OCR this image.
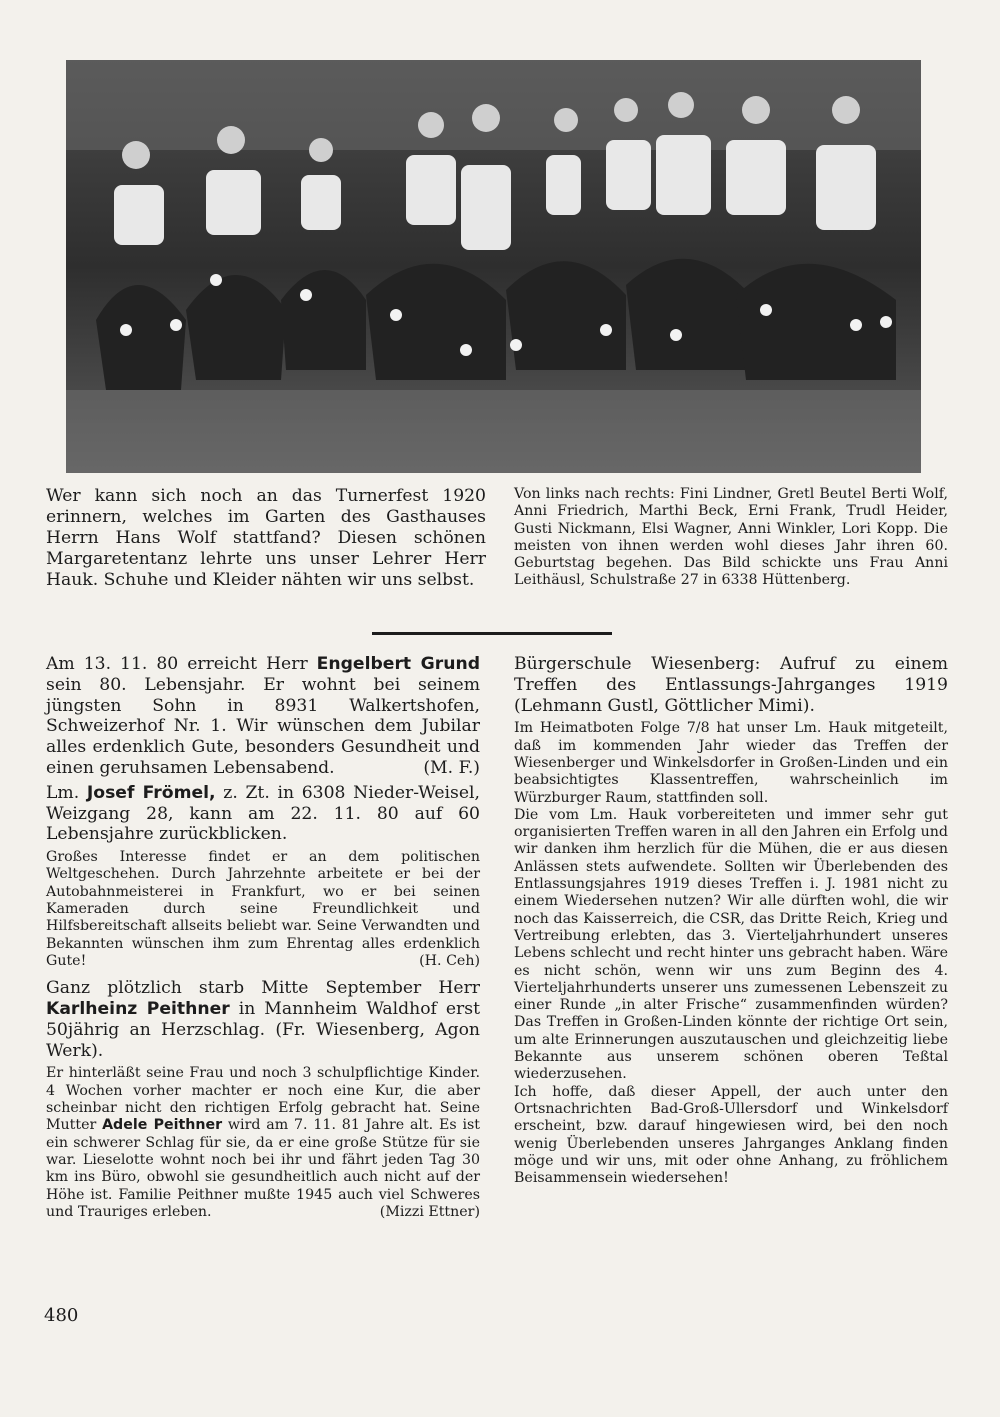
Wer kann sich noch an das Turnerfest 1920 erinnern, welches im Garten des Gasthauses Herrn Hans Wolf stattfand? Diesen schönen Margaretentanz lehrte uns unser Lehrer Herr Hauk. Schuhe und Kleider nähten wir uns selbst.

Von links nach rechts: Fini Lindner, Gretl Beutel Berti Wolf, Anni Friedrich, Marthi Beck, Erni Frank, Trudl Heider, Gusti Nickmann, Elsi Wagner, Anni Winkler, Lori Kopp. Die meisten von ihnen werden wohl dieses Jahr ihren 60. Geburtstag begehen. Das Bild schickte uns Frau Anni Leithäusl, Schulstraße 27 in 6338 Hüttenberg.

Am 13. 11. 80 erreicht Herr Engelbert Grund sein 80. Lebensjahr. Er wohnt bei seinem jüngsten Sohn in 8931 Walkertshofen, Schweizerhof Nr. 1. Wir wünschen dem Jubilar alles erdenklich Gute, besonders Gesundheit und einen geruhsamen Lebensabend.	(M. F.)

Lm. Josef Frömel, z. Zt. in 6308 Nieder-Weisel, Weizgang 28, kann am 22. 11. 80 auf 60 Lebensjahre zurückblicken.

Großes Interesse findet er an dem politischen Weltgeschehen. Durch Jahrzehnte arbeitete er bei der Autobahnmeisterei in Frankfurt, wo er bei seinen Kameraden durch seine Freundlichkeit und Hilfsbereitschaft allseits beliebt war. Seine Verwandten und Bekannten wünschen ihm zum Ehrentag alles erdenklich Gute!	(H. Ceh)

Ganz plötzlich starb Mitte September Herr Karlheinz Peithner in Mannheim Waldhof erst 50jährig an Herzschlag. (Fr. Wiesenberg, Agon Werk).

Er hinterläßt seine Frau und noch 3 schulpflichtige Kinder. 4 Wochen vorher machter er noch eine Kur, die aber scheinbar nicht den richtigen Erfolg gebracht hat. Seine Mutter Adele Peithner wird am 7. 11. 81 Jahre alt. Es ist ein schwerer Schlag für sie, da er eine große Stütze für sie war. Lieselotte wohnt noch bei ihr und fährt jeden Tag 30 km ins Büro, obwohl sie gesundheitlich auch nicht auf der Höhe ist. Familie Peithner mußte 1945 auch viel Schweres und Trauriges erleben.	(Mizzi Ettner)

Bürgerschule Wiesenberg: Aufruf zu einem Treffen des Entlassungs-Jahrganges 1919 (Lehmann Gustl, Göttlicher Mimi).

Im Heimatboten Folge 7/8 hat unser Lm. Hauk mitgeteilt, daß im kommenden Jahr wieder das Treffen der Wiesenberger und Winkelsdorfer in Großen-Linden und ein beabsichtigtes Klassentreffen, wahrscheinlich im Würzburger Raum, stattfinden soll.

Die vom Lm. Hauk vorbereiteten und immer sehr gut organisierten Treffen waren in all den Jahren ein Erfolg und wir danken ihm herzlich für die Mühen, die er aus diesen Anlässen stets aufwendete. Sollten wir Überlebenden des Entlassungsjahres 1919 dieses Treffen i. J. 1981 nicht zu einem Wiedersehen nutzen? Wir alle dürften wohl, die wir noch das Kaisserreich, die CSR, das Dritte Reich, Krieg und Vertreibung erlebten, das 3. Vierteljahrhundert unseres Lebens schlecht und recht hinter uns gebracht haben. Wäre es nicht schön, wenn wir uns zum Beginn des 4. Vierteljahrhunderts unserer uns zumessenen Lebenszeit zu einer Runde „in alter Frische“ zusammenfinden würden? Das Treffen in Großen-Linden könnte der richtige Ort sein, um alte Erinnerungen auszutauschen und gleichzeitig liebe Bekannte aus unserem schönen oberen Teßtal wiederzusehen.

Ich hoffe, daß dieser Appell, der auch unter den Ortsnachrichten Bad-Groß-Ullersdorf und Winkelsdorf erscheint, bzw. darauf hingewiesen wird, bei den noch wenig Überlebenden unseres Jahrganges Anklang finden möge und wir uns, mit oder ohne Anhang, zu fröhlichem Beisammensein wiedersehen!

480
